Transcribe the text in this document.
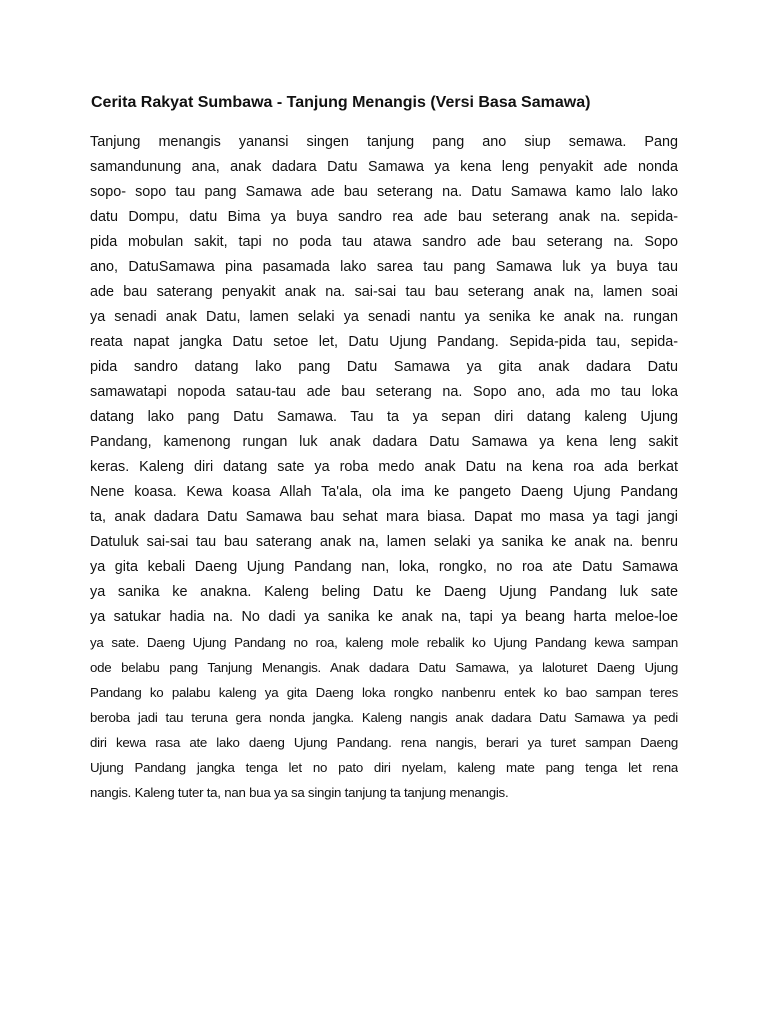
Cerita Rakyat Sumbawa - Tanjung Menangis (Versi Basa Samawa)
Tanjung menangis yanansi singen tanjung pang ano siup semawa. Pang
samandunung ana, anak dadara Datu Samawa ya kena leng penyakit ade nonda
sopo- sopo tau pang Samawa ade bau seterang na. Datu Samawa kamo lalo lako
datu Dompu, datu Bima ya buya sandro rea ade bau seterang anak na. sepida-
pida mobulan sakit, tapi no poda tau atawa sandro ade bau seterang na. Sopo
ano, DatuSamawa pina pasamada lako sarea tau pang Samawa luk ya buya tau
ade bau saterang penyakit anak na. sai-sai tau bau seterang anak na, lamen soai
ya senadi anak Datu, lamen selaki ya senadi nantu ya senika ke anak na. rungan
reata napat jangka Datu setoe let, Datu Ujung Pandang. Sepida-pida tau, sepida-
pida sandro datang lako pang Datu Samawa ya gita anak dadara Datu
samawatapi nopoda satau-tau ade bau seterang na. Sopo ano, ada mo tau loka
datang lako pang Datu Samawa. Tau ta ya sepan diri datang kaleng Ujung
Pandang, kamenong rungan luk anak dadara Datu Samawa ya kena leng sakit
keras. Kaleng diri datang sate ya roba medo anak Datu na kena roa ada berkat
Nene koasa. Kewa koasa Allah Ta'ala, ola ima ke pangeto Daeng Ujung Pandang
ta, anak dadara Datu Samawa bau sehat mara biasa. Dapat mo masa ya tagi jangi
Datuluk sai-sai tau bau saterang anak na, lamen selaki ya sanika ke anak na. benru
ya gita kebali Daeng Ujung Pandang nan, loka, rongko, no roa ate Datu Samawa
ya sanika ke anakna. Kaleng beling Datu ke Daeng Ujung Pandang luk sate
ya satukar hadia na. No dadi ya sanika ke anak na, tapi ya beang harta meloe-loe
ya sate. Daeng Ujung Pandang no roa, kaleng mole rebalik ko Ujung Pandang kewa sampan
ode belabu pang Tanjung Menangis. Anak dadara Datu Samawa, ya laloturet Daeng Ujung
Pandang ko palabu kaleng ya gita Daeng loka rongko nanbenru entek ko bao sampan teres
beroba jadi tau teruna gera nonda jangka. Kaleng nangis anak dadara Datu Samawa ya pedi
diri kewa rasa ate lako daeng Ujung Pandang. rena nangis, berari ya turet sampan Daeng
Ujung Pandang jangka tenga let no pato diri nyelam, kaleng mate pang tenga let rena
nangis. Kaleng tuter ta, nan bua ya sa singin tanjung ta tanjung menangis.
